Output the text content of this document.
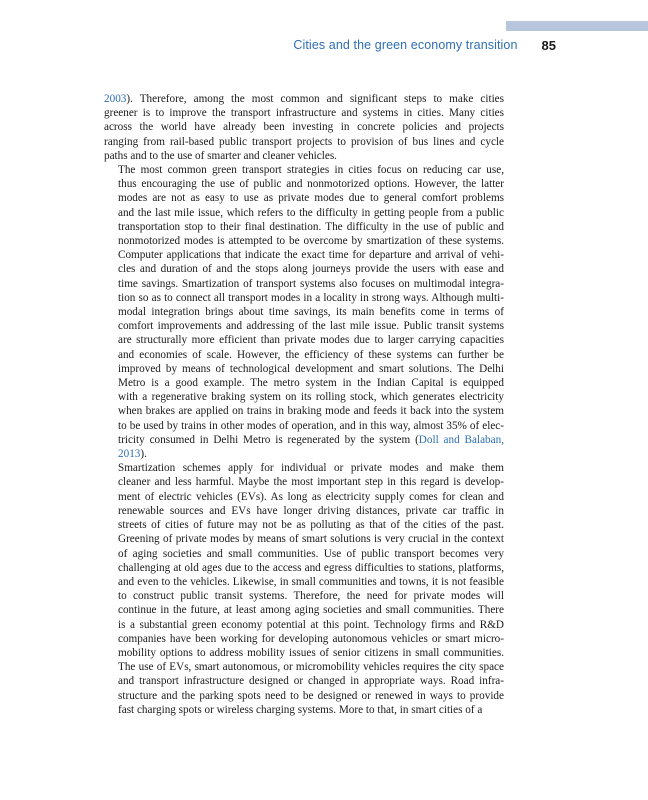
Cities and the green economy transition 85

2003). Therefore, among the most common and significant steps to make cities
greener is to improve the transport infrastructure and systems in cities. Many cities
across the world have already been investing in concrete policies and projects
ranging from rail-based public transport projects to provision of bus lines and cycle
paths and to the use of smarter and cleaner vehicles.

The most common green transport strategies in cities focus on reducing car use,
thus encouraging the use of public and nonmotorized options. However, the latter
modes are not as easy to use as private modes due to general comfort problems
and the last mile issue, which refers to the difficulty in getting people from a public
transportation stop to their final destination. The difficulty in the use of public and
nonmotorized modes is attempted to be overcome by smartization of these systems.
Computer applications that indicate the exact time for departure and arrival of vehi-
cles and duration of and the stops along journeys provide the users with ease and
time savings. Smartization of transport systems also focuses on multimodal integra-
tion so as to connect all transport modes in a locality in strong ways. Although multi-
modal integration brings about time savings, its main benefits come in terms of
comfort improvements and addressing of the last mile issue. Public transit systems
are structurally more efficient than private modes due to larger carrying capacities
and economies of scale. However, the efficiency of these systems can further be
improved by means of technological development and smart solutions. The Delhi
Metro is a good example. The metro system in the Indian Capital is equipped
with a regenerative braking system on its rolling stock, which generates electricity
when brakes are applied on trains in braking mode and feeds it back into the system
to be used by trains in other modes of operation, and in this way, almost 35% of elec-
tricity consumed in Delhi Metro is regenerated by the system (Doll and Balaban,
2013).

Smartization schemes apply for individual or private modes and make them
cleaner and less harmful. Maybe the most important step in this regard is develop-
ment of electric vehicles (EVs). As long as electricity supply comes for clean and
renewable sources and EVs have longer driving distances, private car traffic in
streets of cities of future may not be as polluting as that of the cities of the past.
Greening of private modes by means of smart solutions is very crucial in the context
of aging societies and small communities. Use of public transport becomes very
challenging at old ages due to the access and egress difficulties to stations, platforms,
and even to the vehicles. Likewise, in small communities and towns, it is not feasible
to construct public transit systems. Therefore, the need for private modes will
continue in the future, at least among aging societies and small communities. There
is a substantial green economy potential at this point. Technology firms and R&D
companies have been working for developing autonomous vehicles or smart micro-
mobility options to address mobility issues of senior citizens in small communities.
The use of EVs, smart autonomous, or micromobility vehicles requires the city space
and transport infrastructure designed or changed in appropriate ways. Road infra-
structure and the parking spots need to be designed or renewed in ways to provide
fast charging spots or wireless charging systems. More to that, in smart cities of a
